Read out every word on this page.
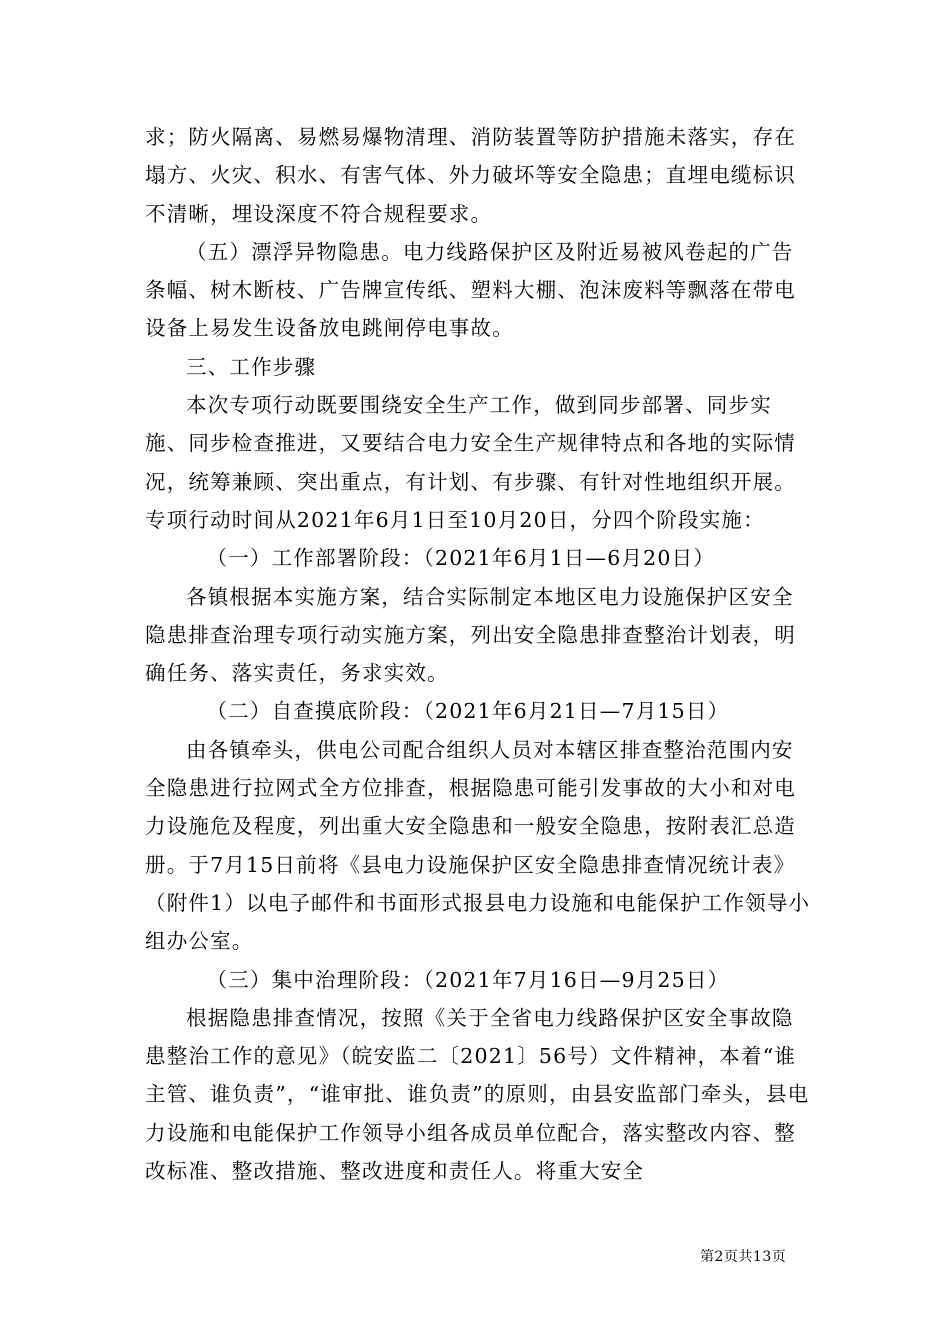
求；防火隔离、易燃易爆物清理、消防装置等防护措施未落实，存在塌方、火灾、积水、有害气体、外力破坏等安全隐患；直埋电缆标识不清晰，埋设深度不符合规程要求。

（五）漂浮异物隐患。电力线路保护区及附近易被风卷起的广告条幅、树木断枝、广告牌宣传纸、塑料大棚、泡沫废料等飘落在带电设备上易发生设备放电跳闸停电事故。

三、工作步骤

本次专项行动既要围绕安全生产工作，做到同步部署、同步实施、同步检查推进，又要结合电力安全生产规律特点和各地的实际情况，统筹兼顾、突出重点，有计划、有步骤、有针对性地组织开展。专项行动时间从2021年6月1日至10月20日，分四个阶段实施：

（一）工作部署阶段：（2021年6月1日—6月20日）

各镇根据本实施方案，结合实际制定本地区电力设施保护区安全隐患排查治理专项行动实施方案，列出安全隐患排查整治计划表，明确任务、落实责任，务求实效。

（二）自查摸底阶段：（2021年6月21日—7月15日）

由各镇牵头，供电公司配合组织人员对本辖区排查整治范围内安全隐患进行拉网式全方位排查，根据隐患可能引发事故的大小和对电力设施危及程度，列出重大安全隐患和一般安全隐患，按附表汇总造册。于7月15日前将《县电力设施保护区安全隐患排查情况统计表》（附件1）以电子邮件和书面形式报县电力设施和电能保护工作领导小组办公室。

（三）集中治理阶段：（2021年7月16日—9月25日）

根据隐患排查情况，按照《关于全省电力线路保护区安全事故隐患整治工作的意见》（皖安监二〔2021〕56号）文件精神，本着“谁主管、谁负责”，“谁审批、谁负责”的原则，由县安监部门牵头，县电力设施和电能保护工作领导小组各成员单位配合，落实整改内容、整改标准、整改措施、整改进度和责任人。将重大安全

第2页共13页
